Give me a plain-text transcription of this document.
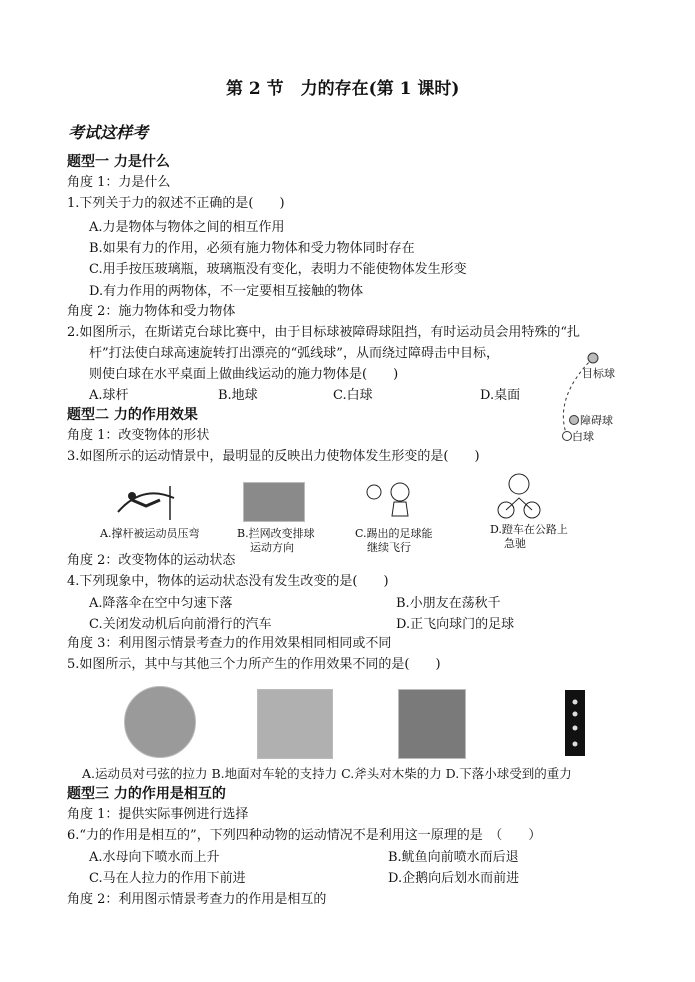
第 2 节　力的存在(第 1 课时)
考试这样考
题型一 力是什么
角度 1：力是什么
1.下列关于力的叙述不正确的是(　　)
A.力是物体与物体之间的相互作用
B.如果有力的作用，必须有施力物体和受力物体同时存在
C.用手按压玻璃瓶，玻璃瓶没有变化，表明力不能使物体发生形变
D.有力作用的两物体，不一定要相互接触的物体
角度 2：施力物体和受力物体
2.如图所示，在斯诺克台球比赛中，由于目标球被障碍球阻挡，有时运动员会用特殊的“扎
杆”打法使白球高速旋转打出漂亮的“弧线球”，从而绕过障碍击中目标，
则使白球在水平桌面上做曲线运动的施力物体是(　　)
A.球杆	B.地球	C.白球	D.桌面
目标球
障碍球
白球
题型二 力的作用效果
角度 1：改变物体的形状
3.如图所示的运动情景中，最明显的反映出力使物体发生形变的是(　　)
A.撑杆被运动员压弯	B.拦网改变排球
运动方向
C.踢出的足球能
继续飞行
D.蹬车在公路上
急驰
角度 2：改变物体的运动状态
4.下列现象中，物体的运动状态没有发生改变的是(　　)
A.降落伞在空中匀速下落	B.小朋友在荡秋千
C.关闭发动机后向前滑行的汽车	D.正飞向球门的足球
角度 3：利用图示情景考查力的作用效果相同相同或不同
5.如图所示，其中与其他三个力所产生的作用效果不同的是(　　)
A.运动员对弓弦的拉力 B.地面对车轮的支持力 C.斧头对木柴的力 D.下落小球受到的重力
题型三 力的作用是相互的
角度 1：提供实际事例进行选择
6.“力的作用是相互的”，下列四种动物的运动情况不是利用这一原理的是　（　　）
A.水母向下喷水而上升	B.鱿鱼向前喷水而后退
C.马在人拉力的作用下前进	D.企鹅向后划水而前进
角度 2：利用图示情景考查力的作用是相互的
